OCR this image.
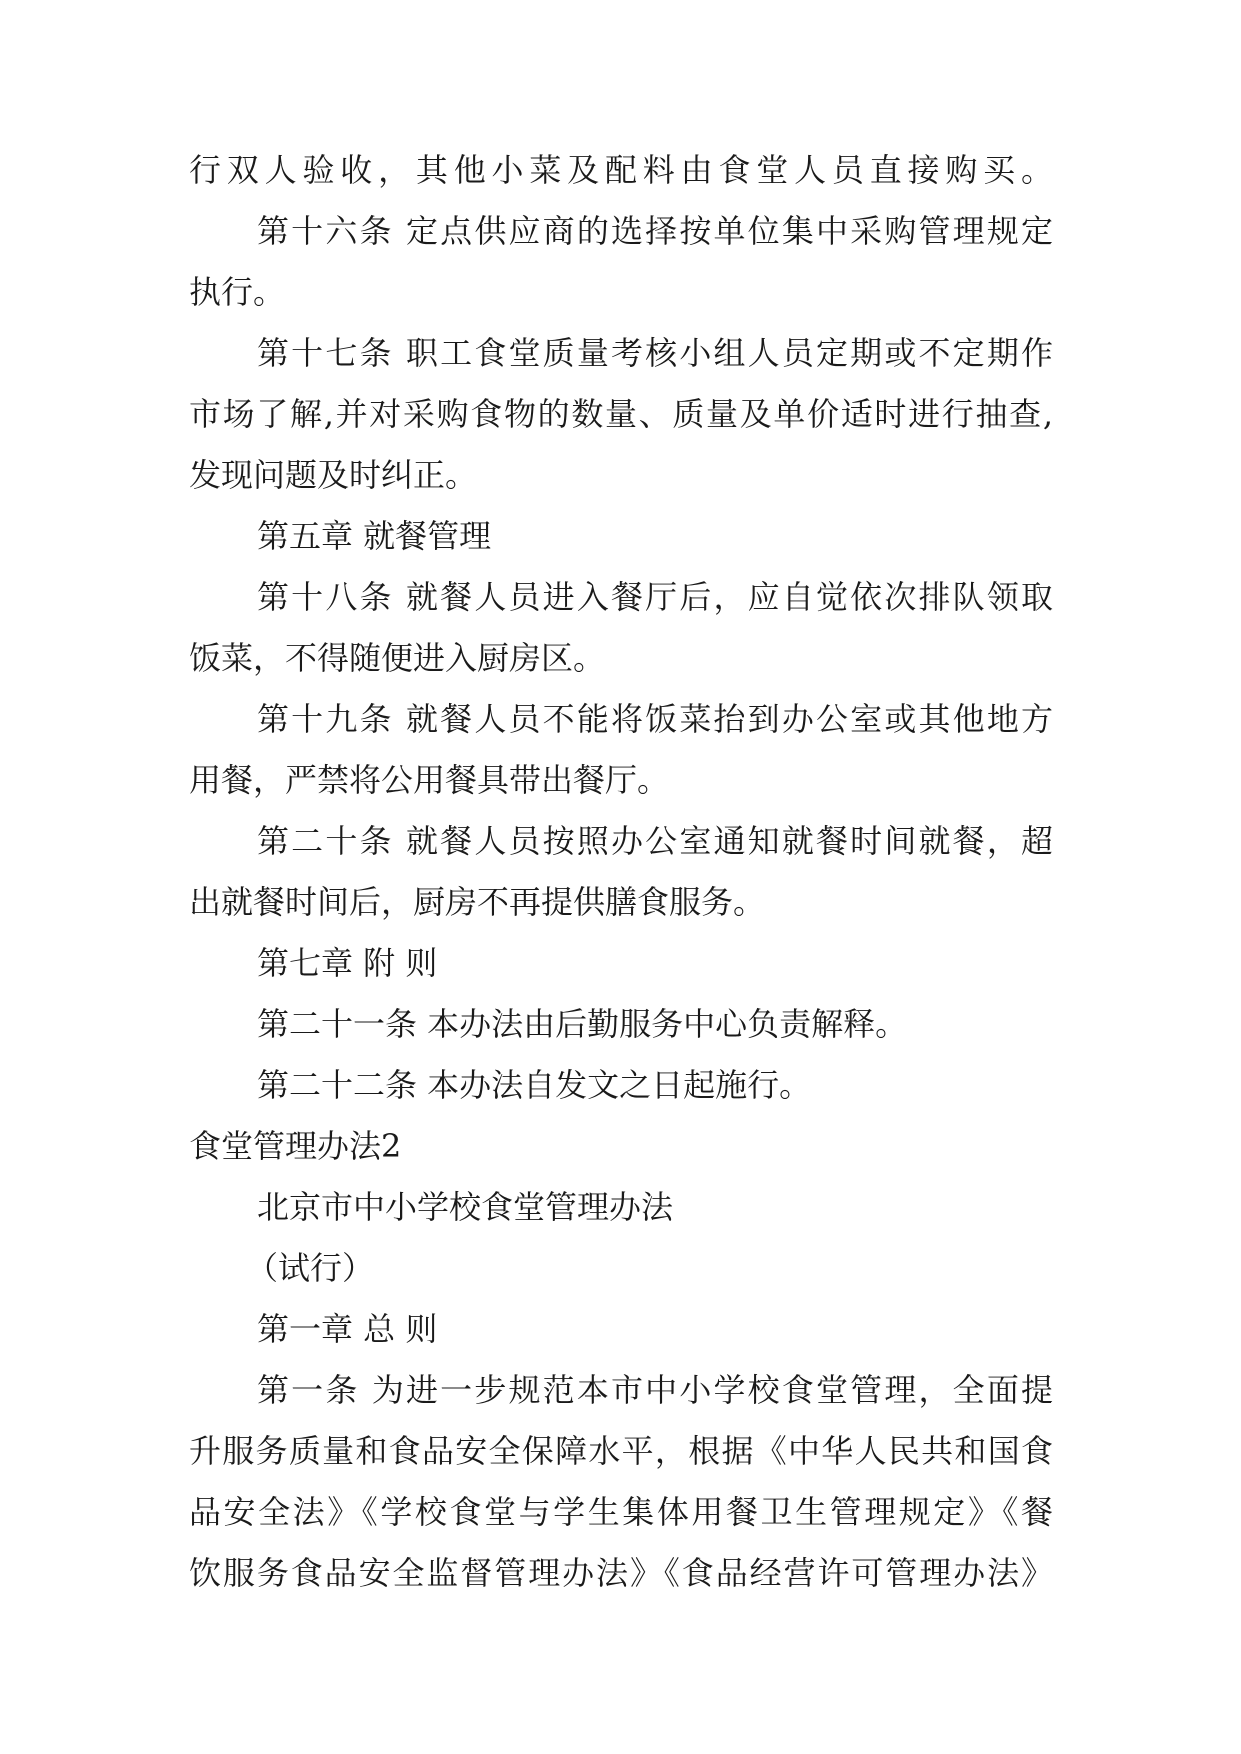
行双人验收，其他小菜及配料由食堂人员直接购买。
第十六条 定点供应商的选择按单位集中采购管理规定
执行。
第十七条 职工食堂质量考核小组人员定期或不定期作
市场了解,并对采购食物的数量、质量及单价适时进行抽查,
发现问题及时纠正。
第五章 就餐管理
第十八条 就餐人员进入餐厅后，应自觉依次排队领取
饭菜，不得随便进入厨房区。
第十九条 就餐人员不能将饭菜抬到办公室或其他地方
用餐，严禁将公用餐具带出餐厅。
第二十条 就餐人员按照办公室通知就餐时间就餐，超
出就餐时间后，厨房不再提供膳食服务。
第七章 附 则
第二十一条 本办法由后勤服务中心负责解释。
第二十二条 本办法自发文之日起施行。
食堂管理办法2
北京市中小学校食堂管理办法
（试行）
第一章 总 则
第一条 为进一步规范本市中小学校食堂管理，全面提
升服务质量和食品安全保障水平，根据《中华人民共和国食
品安全法》《学校食堂与学生集体用餐卫生管理规定》《餐
饮服务食品安全监督管理办法》《食品经营许可管理办法》
